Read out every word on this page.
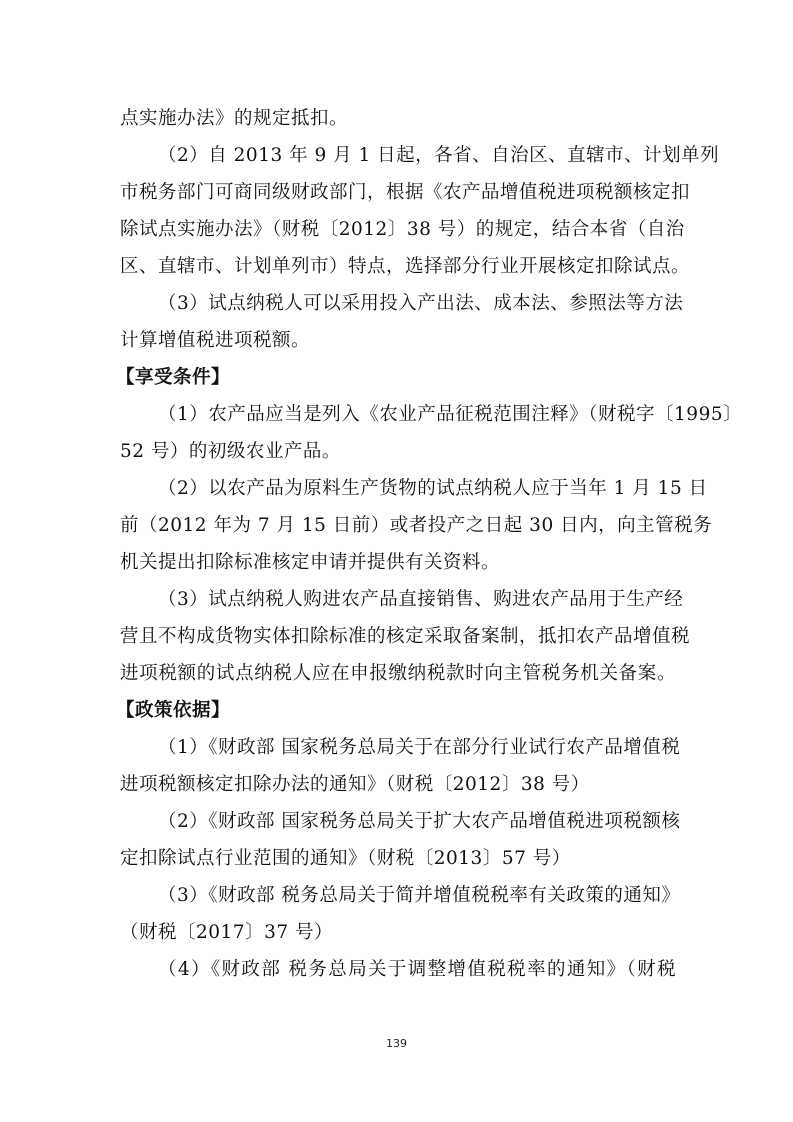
点实施办法》的规定抵扣。
（2）自 2013 年 9 月 1 日起，各省、自治区、直辖市、计划单列
市税务部门可商同级财政部门，根据《农产品增值税进项税额核定扣
除试点实施办法》（财税〔2012〕38 号）的规定，结合本省（自治
区、直辖市、计划单列市）特点，选择部分行业开展核定扣除试点。
（3）试点纳税人可以采用投入产出法、成本法、参照法等方法
计算增值税进项税额。
【享受条件】
（1）农产品应当是列入《农业产品征税范围注释》（财税字〔1995〕
52 号）的初级农业产品。
（2）以农产品为原料生产货物的试点纳税人应于当年 1 月 15 日
前（2012 年为 7 月 15 日前）或者投产之日起 30 日内，向主管税务
机关提出扣除标准核定申请并提供有关资料。
（3）试点纳税人购进农产品直接销售、购进农产品用于生产经
营且不构成货物实体扣除标准的核定采取备案制，抵扣农产品增值税
进项税额的试点纳税人应在申报缴纳税款时向主管税务机关备案。
【政策依据】
（1）《财政部 国家税务总局关于在部分行业试行农产品增值税
进项税额核定扣除办法的通知》（财税〔2012〕38 号）
（2）《财政部 国家税务总局关于扩大农产品增值税进项税额核
定扣除试点行业范围的通知》（财税〔2013〕57 号）
（3）《财政部 税务总局关于简并增值税税率有关政策的通知》
（财税〔2017〕37 号）
（4）《财政部 税务总局关于调整增值税税率的通知》（财税
139
